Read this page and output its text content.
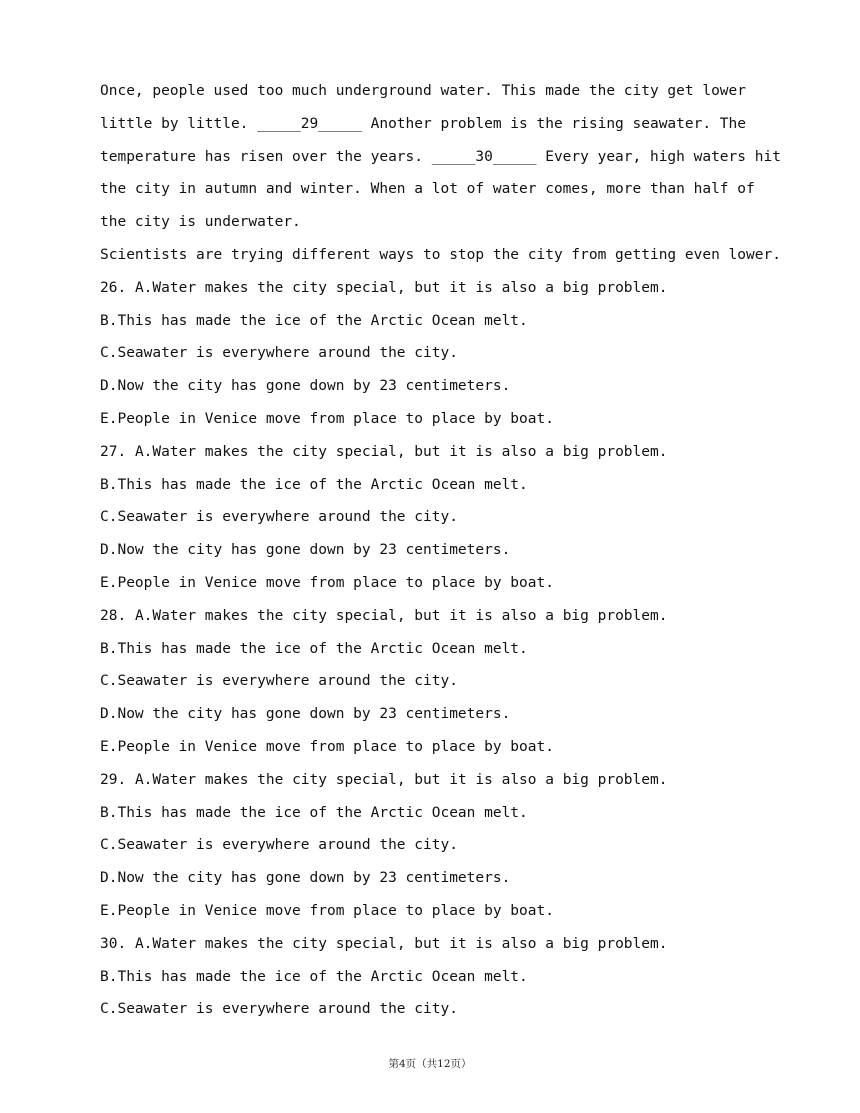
Once, people used too much underground water. This made the city get lower
little by little. _____29_____ Another problem is the rising seawater. The
temperature has risen over the years. _____30_____ Every year, high waters hit
the city in autumn and winter. When a lot of water comes, more than half of
the city is underwater.
Scientists are trying different ways to stop the city from getting even lower.
26. A.Water makes the city special, but it is also a big problem.
B.This has made the ice of the Arctic Ocean melt.
C.Seawater is everywhere around the city.
D.Now the city has gone down by 23 centimeters.
E.People in Venice move from place to place by boat.
27. A.Water makes the city special, but it is also a big problem.
B.This has made the ice of the Arctic Ocean melt.
C.Seawater is everywhere around the city.
D.Now the city has gone down by 23 centimeters.
E.People in Venice move from place to place by boat.
28. A.Water makes the city special, but it is also a big problem.
B.This has made the ice of the Arctic Ocean melt.
C.Seawater is everywhere around the city.
D.Now the city has gone down by 23 centimeters.
E.People in Venice move from place to place by boat.
29. A.Water makes the city special, but it is also a big problem.
B.This has made the ice of the Arctic Ocean melt.
C.Seawater is everywhere around the city.
D.Now the city has gone down by 23 centimeters.
E.People in Venice move from place to place by boat.
30. A.Water makes the city special, but it is also a big problem.
B.This has made the ice of the Arctic Ocean melt.
C.Seawater is everywhere around the city.
第4页（共12页）
